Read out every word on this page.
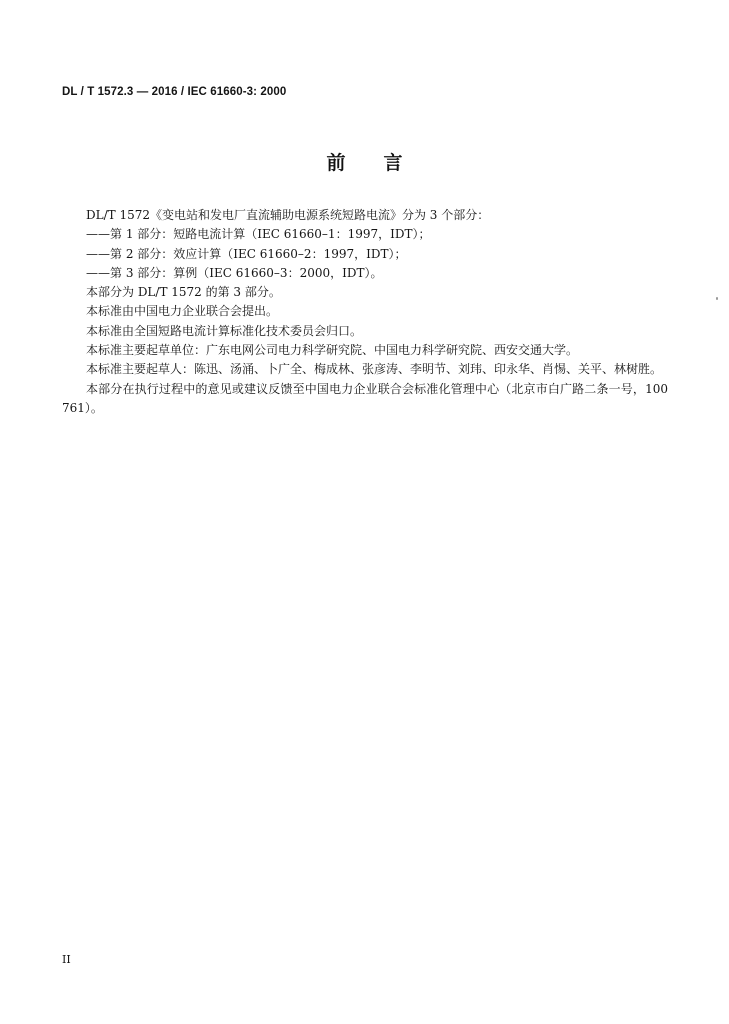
DL / T 1572.3 — 2016 / IEC 61660-3: 2000
前言

DL/T 1572《变电站和发电厂直流辅助电源系统短路电流》分为 3 个部分：

——第 1 部分：短路电流计算（IEC 61660–1：1997，IDT）；

——第 2 部分：效应计算（IEC 61660–2：1997，IDT）；

——第 3 部分：算例（IEC 61660–3：2000，IDT）。

本部分为 DL/T 1572 的第 3 部分。

本标准由中国电力企业联合会提出。

本标准由全国短路电流计算标准化技术委员会归口。

本标准主要起草单位：广东电网公司电力科学研究院、中国电力科学研究院、西安交通大学。

本标准主要起草人：陈迅、汤涌、卜广全、梅成林、张彦涛、李明节、刘玮、印永华、肖惕、关平、林树胜。

本部分在执行过程中的意见或建议反馈至中国电力企业联合会标准化管理中心（北京市白广路二条一号，100761）。

II
